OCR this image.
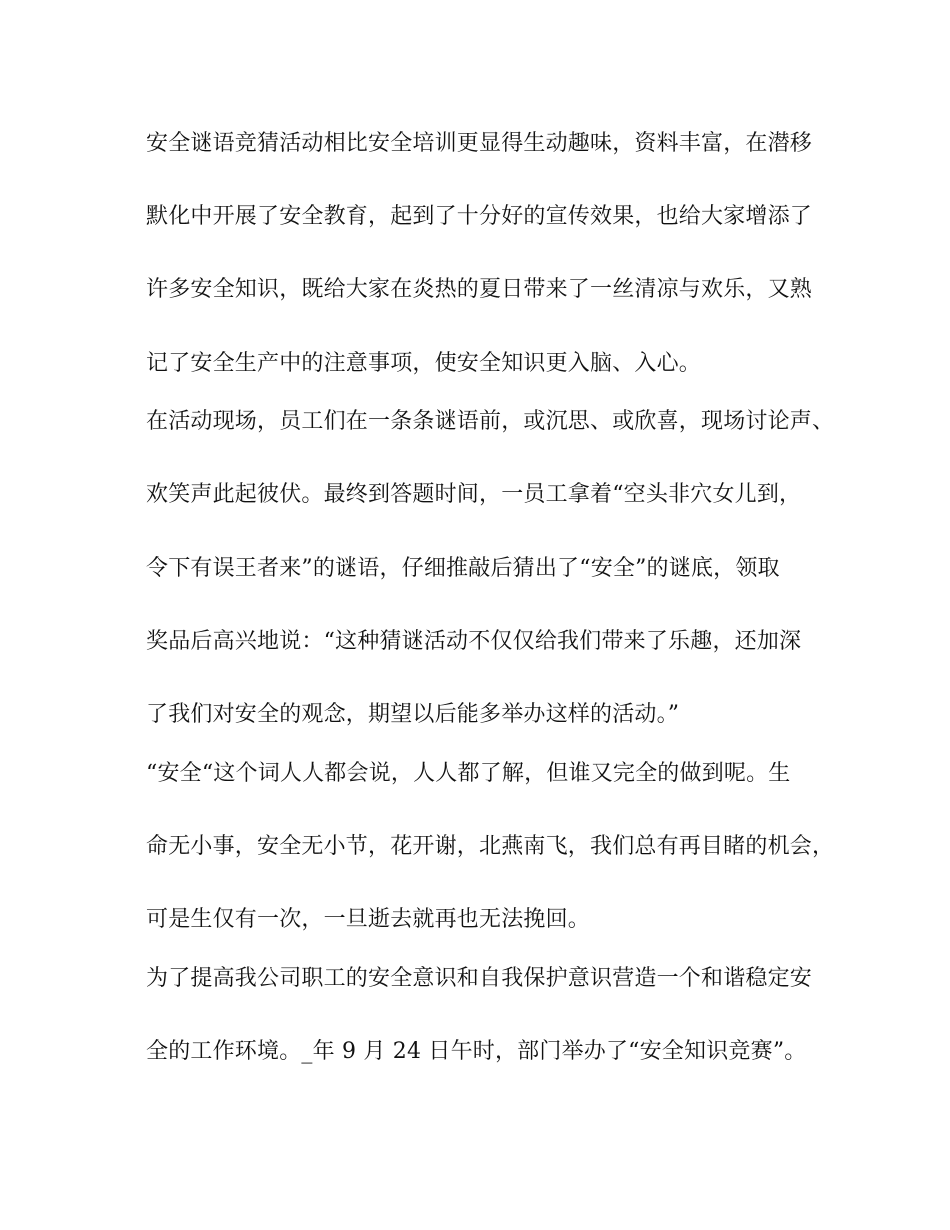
安全谜语竞猜活动相比安全培训更显得生动趣味，资料丰富，在潜移
默化中开展了安全教育，起到了十分好的宣传效果，也给大家增添了
许多安全知识，既给大家在炎热的夏日带来了一丝清凉与欢乐，又熟
记了安全生产中的注意事项，使安全知识更入脑、入心。
在活动现场，员工们在一条条谜语前，或沉思、或欣喜，现场讨论声、
欢笑声此起彼伏。最终到答题时间，一员工拿着“空头非穴女儿到，
令下有误王者来”的谜语，仔细推敲后猜出了“安全”的谜底，领取
奖品后高兴地说：“这种猜谜活动不仅仅给我们带来了乐趣，还加深
了我们对安全的观念，期望以后能多举办这样的活动。”
“安全“这个词人人都会说，人人都了解，但谁又完全的做到呢。生
命无小事，安全无小节，花开谢，北燕南飞，我们总有再目睹的机会，
可是生仅有一次，一旦逝去就再也无法挽回。
为了提高我公司职工的安全意识和自我保护意识营造一个和谐稳定安
全的工作环境。_年 9 月 24 日午时，部门举办了“安全知识竞赛”。
